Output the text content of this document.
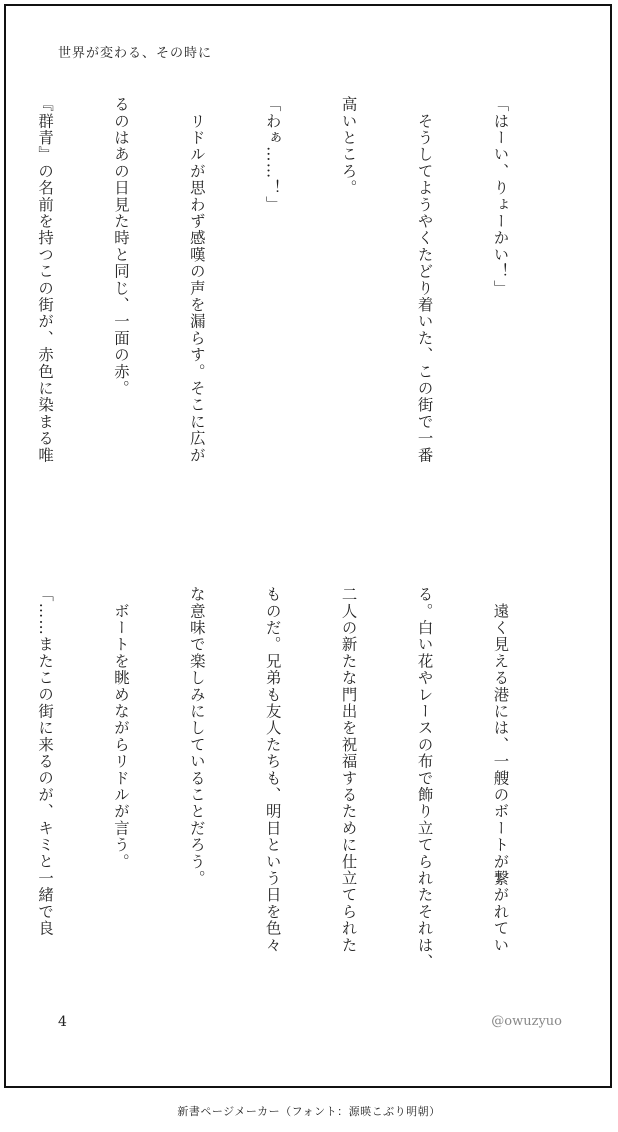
世界が変わる、その時に

「はーい、りょーかい！」

　そうしてようやくたどり着いた、この街で一番

高いところ。

「わぁ……！」

　リドルが思わず感嘆の声を漏らす。そこに広が

るのはあの日見た時と同じ、一面の赤。

『群青』の名前を持つこの街が、赤色に染まる唯

　遠く見える港には、一艘のボートが繋がれてい

る。白い花やレースの布で飾り立てられたそれは、

二人の新たな門出を祝福するために仕立てられた

ものだ。兄弟も友人たちも、明日という日を色々

な意味で楽しみにしていることだろう。

　ボートを眺めながらリドルが言う。

「……またこの街に来るのが、キミと一緒で良

4	@owuzyuo
新書ページメーカー（フォント：源暎こぶり明朝）
